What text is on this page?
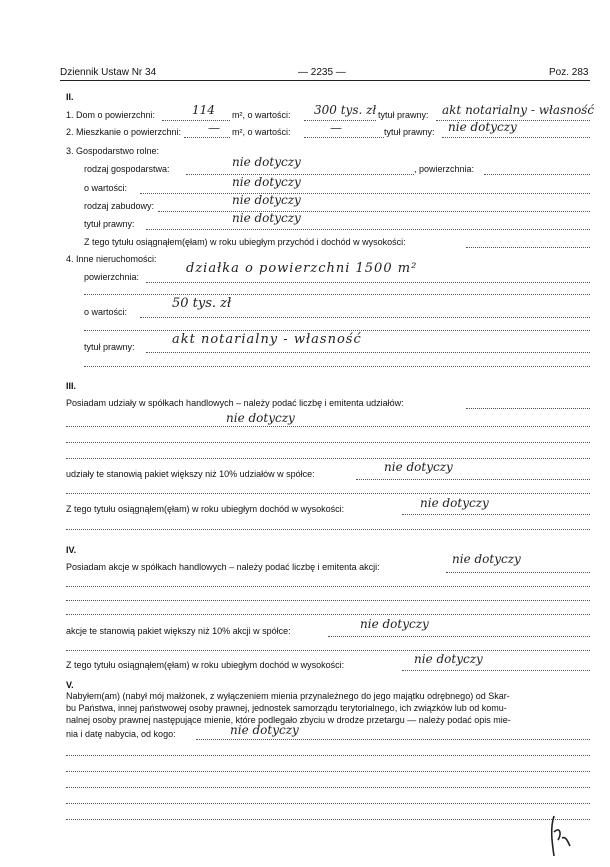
Dziennik Ustaw Nr 34	— 2235 —	Poz. 283
II.
1. Dom o powierzchni:	114 m², o wartości: 300 tys. zł tytuł prawny: akt notarialny - własność
2. Mieszkanie o powierzchni: — m², o wartości:	—	tytuł prawny: nie dotyczy
3. Gospodarstwo rolne:
rodzaj gospodarstwa:	nie dotyczy	, powierzchnia:
o wartości:	nie dotyczy
rodzaj zabudowy:	nie dotyczy
tytuł prawny:	nie dotyczy
Z tego tytułu osiągnąłem(ęłam) w roku ubiegłym przychód i dochód w wysokości:
4. Inne nieruchomości:
powierzchnia:
działka o powierzchni 1500 m²
o wartości:
50 tys. zł
tytuł prawny:	akt notarialny - własność
III.
Posiadam udziały w spółkach handlowych – należy podać liczbę i emitenta udziałów:
nie dotyczy
udziały te stanowią pakiet większy niż 10% udziałów w spółce:	nie dotyczy
Z tego tytułu osiągnąłem(ęłam) w roku ubiegłym dochód w wysokości:	nie dotyczy
IV.
Posiadam akcje w spółkach handlowych – należy podać liczbę i emitenta akcji:
nie dotyczy
akcje te stanowią pakiet większy niż 10% akcji w spółce:	nie dotyczy
Z tego tytułu osiągnąłem(ęłam) w roku ubiegłym dochód w wysokości:	nie dotyczy
V.
Nabyłem(am) (nabył mój małżonek, z wyłączeniem mienia przynależnego do jego majątku odrębnego) od Skar-
bu Państwa, innej państwowej osoby prawnej, jednostek samorządu terytorialnego, ich związków lub od komu-
nalnej osoby prawnej następujące mienie, które podlegało zbyciu w drodze przetargu — należy podać opis mie-
nia i datę nabycia, od kogo:	nie dotyczy
